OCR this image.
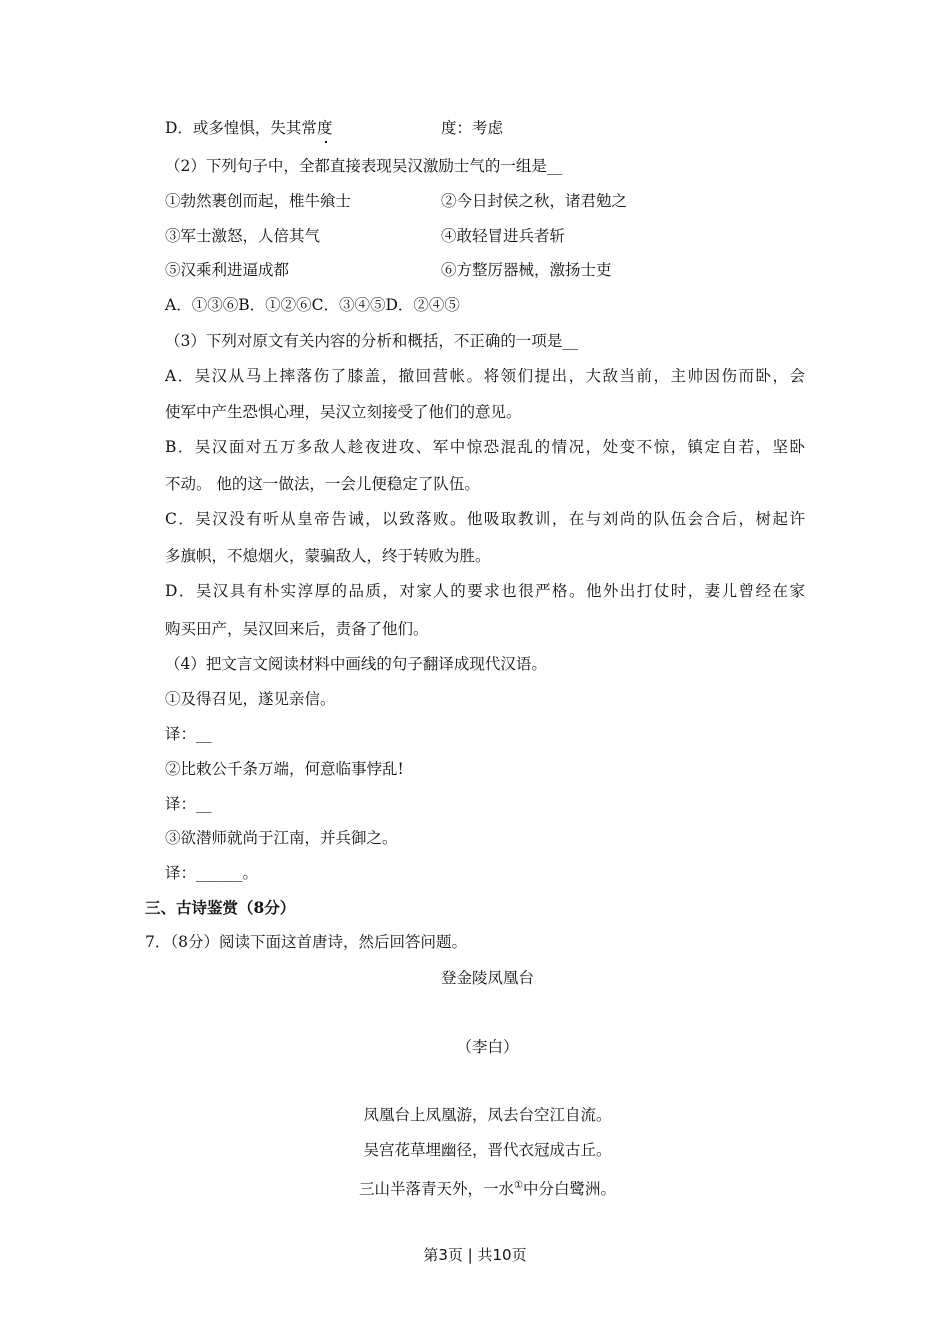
D．或多惶惧，失其常度	度：考虑
（2）下列句子中，全都直接表现吴汉激励士气的一组是__
①勃然裹创而起，椎牛飨士	②今日封侯之秋，诸君勉之
③军士激怒，人倍其气	④敢轻冒进兵者斩
⑤汉乘利进逼成都	⑥方整厉器械，激扬士吏
A．①③⑥B．①②⑥C．③④⑤D．②④⑤
（3）下列对原文有关内容的分析和概括，不正确的一项是__
A．吴汉从马上摔落伤了膝盖，撤回营帐。将领们提出，大敌当前，主帅因伤而卧，会
使军中产生恐惧心理，吴汉立刻接受了他们的意见。
B．吴汉面对五万多敌人趁夜进攻、军中惊恐混乱的情况，处变不惊，镇定自若，坚卧
不动。 他的这一做法，一会儿便稳定了队伍。
C．吴汉没有听从皇帝告诫，以致落败。他吸取教训，在与刘尚的队伍会合后，树起许
多旗帜，不熄烟火，蒙骗敌人，终于转败为胜。
D．吴汉具有朴实淳厚的品质，对家人的要求也很严格。他外出打仗时，妻儿曾经在家
购买田产，吴汉回来后，责备了他们。
（4）把文言文阅读材料中画线的句子翻译成现代汉语。
①及得召见，遂见亲信。
译：__
②比敕公千条万端，何意临事悖乱!
译：__
③欲潜师就尚于江南，并兵御之。
译：______。
三、古诗鉴赏（8分）
7．（8分）阅读下面这首唐诗，然后回答问题。
登金陵凤凰台
（李白）
凤凰台上凤凰游，凤去台空江自流。
吴宫花草埋幽径，晋代衣冠成古丘。
三山半落青天外，一水①中分白鹭洲。
第3页 | 共10页
